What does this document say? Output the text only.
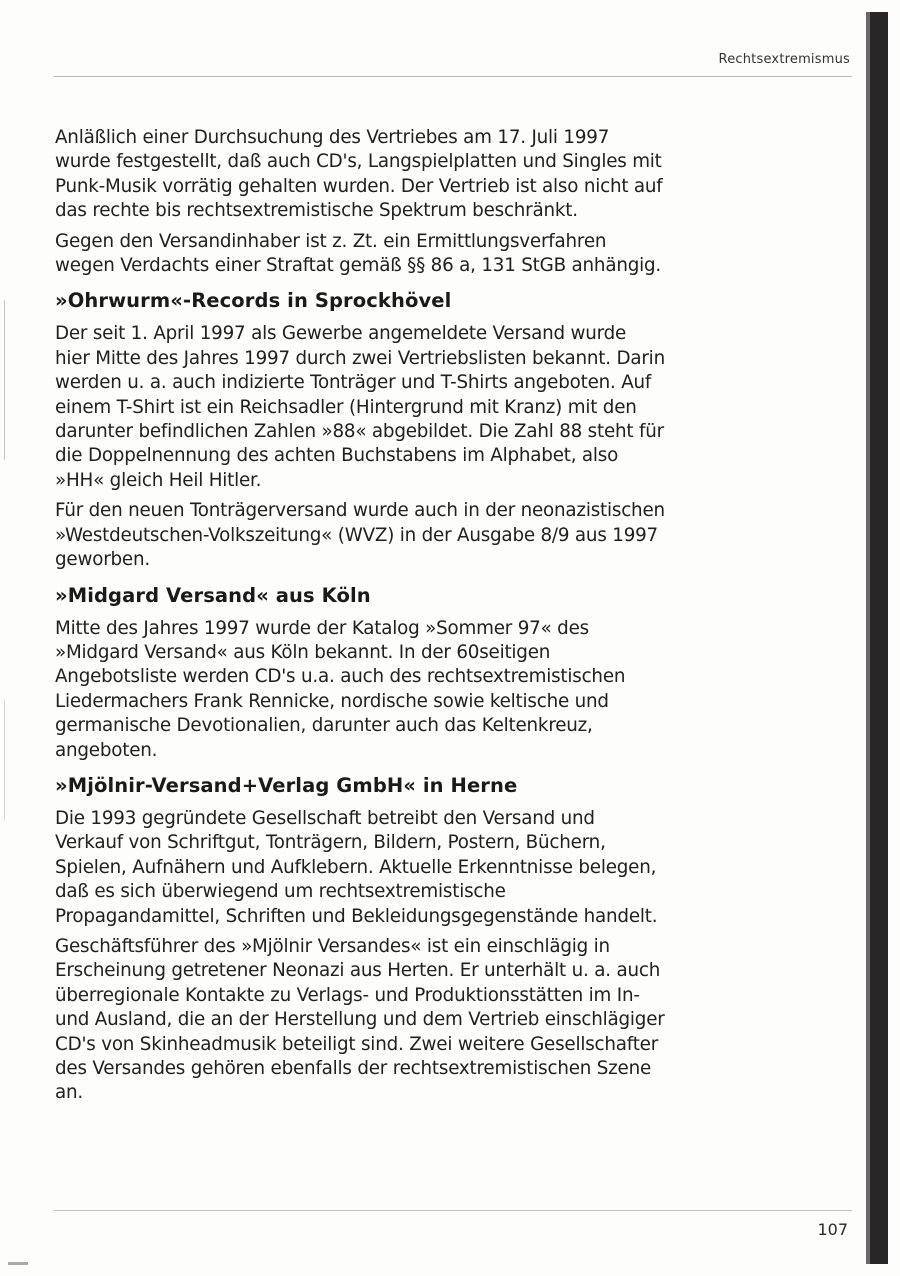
Rechtsextremismus

Anläßlich einer Durchsuchung des Vertriebes am 17. Juli 1997 wurde festgestellt, daß auch CD's, Langspielplatten und Singles mit Punk-Musik vorrätig gehalten wurden. Der Vertrieb ist also nicht auf das rechte bis rechtsextremistische Spektrum beschränkt.

Gegen den Versandinhaber ist z. Zt. ein Ermittlungsverfahren wegen Verdachts einer Straftat gemäß §§ 86 a, 131 StGB anhängig.

»Ohrwurm«-Records in Sprockhövel

Der seit 1. April 1997 als Gewerbe angemeldete Versand wurde hier Mitte des Jahres 1997 durch zwei Vertriebslisten bekannt. Darin werden u. a. auch indizierte Tonträger und T-Shirts angeboten. Auf einem T-Shirt ist ein Reichsadler (Hintergrund mit Kranz) mit den darunter befindlichen Zahlen »88« abgebildet. Die Zahl 88 steht für die Doppelnennung des achten Buchstabens im Alphabet, also »HH« gleich Heil Hitler.

Für den neuen Tonträgerversand wurde auch in der neonazistischen »Westdeutschen-Volkszeitung« (WVZ) in der Ausgabe 8/9 aus 1997 geworben.

»Midgard Versand« aus Köln

Mitte des Jahres 1997 wurde der Katalog »Sommer 97« des »Midgard Versand« aus Köln bekannt. In der 60seitigen Angebotsliste werden CD's u.a. auch des rechtsextremistischen Liedermachers Frank Rennicke, nordische sowie keltische und germanische Devotionalien, darunter auch das Keltenkreuz, angeboten.

»Mjölnir-Versand+Verlag GmbH« in Herne

Die 1993 gegründete Gesellschaft betreibt den Versand und Verkauf von Schriftgut, Tonträgern, Bildern, Postern, Büchern, Spielen, Aufnähern und Aufklebern. Aktuelle Erkenntnisse belegen, daß es sich überwiegend um rechtsextremistische Propagandamittel, Schriften und Bekleidungsgegenstände handelt.

Geschäftsführer des »Mjölnir Versandes« ist ein einschlägig in Erscheinung getretener Neonazi aus Herten. Er unterhält u. a. auch überregionale Kontakte zu Verlags- und Produktionsstätten im In- und Ausland, die an der Herstellung und dem Vertrieb einschlägiger CD's von Skinheadmusik beteiligt sind. Zwei weitere Gesellschafter des Versandes gehören ebenfalls der rechtsextremistischen Szene an.

107
